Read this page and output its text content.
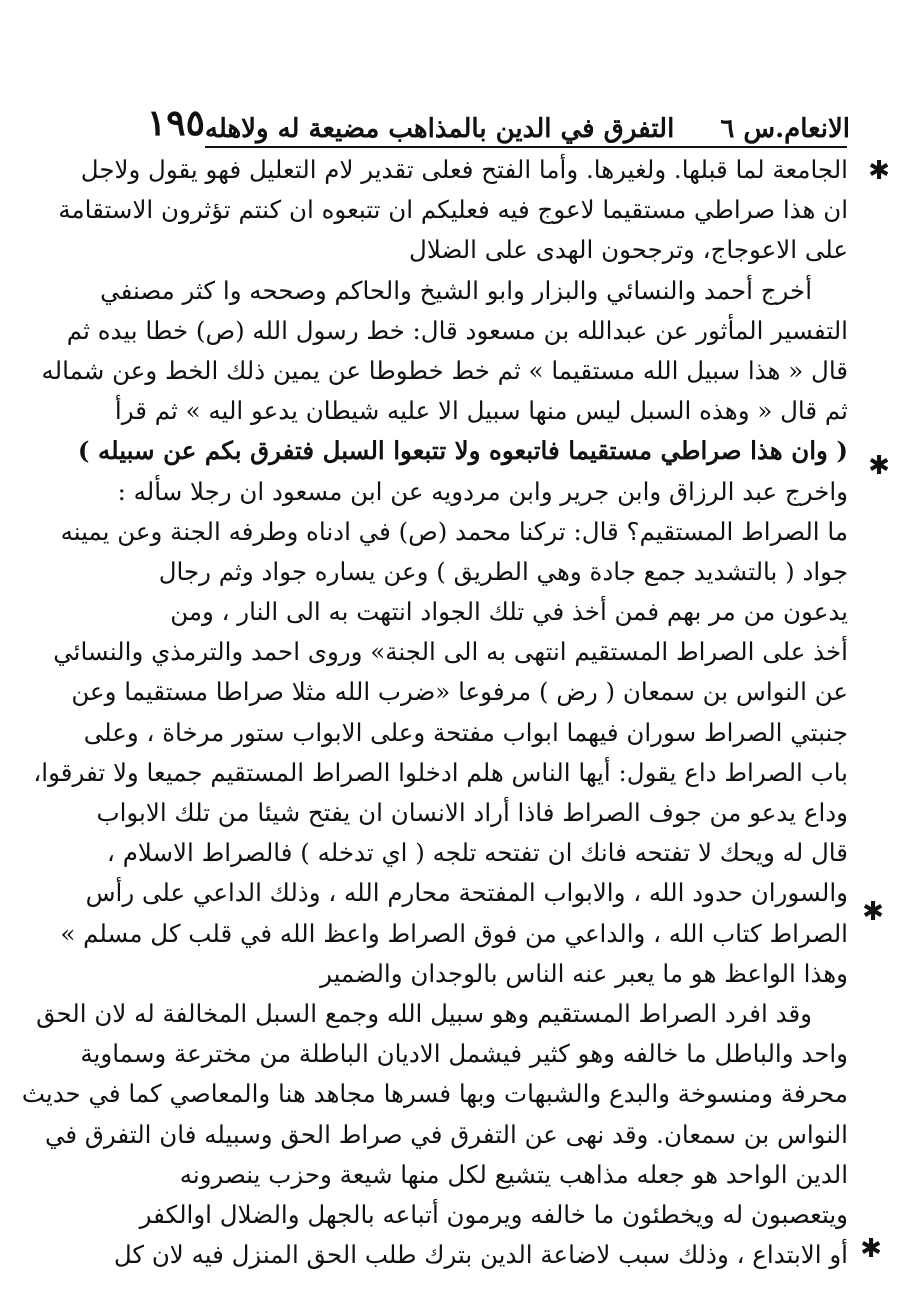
الانعام.س ٦
التفرق في الدين بالمذاهب مضيعة له ولاهله
١٩٥
✱
✱
✱
✱
الجامعة لما قبلها. ولغيرها. وأما الفتح فعلى تقدير لام التعليل فهو يقول ولاجل
ان هذا صراطي مستقيما لاعوج فيه فعليكم ان تتبعوه ان كنتم تؤثرون الاستقامة
على الاعوجاج، وترجحون الهدى على الضلال
أخرج أحمد والنسائي والبزار وابو الشيخ والحاكم وصححه وا كثر مصنفي
التفسير المأثور عن عبدالله بن مسعود قال: خط رسول الله (ص) خطا بيده ثم
قال « هذا سبيل الله مستقيما » ثم خط خطوطا عن يمين ذلك الخط وعن شماله
ثم قال « وهذه السبل ليس منها سبيل الا عليه شيطان يدعو اليه » ثم قرأ
( وان هذا صراطي مستقيما فاتبعوه ولا تتبعوا السبل فتفرق بكم عن سبيله )
واخرج عبد الرزاق وابن جرير وابن مردويه عن ابن مسعود ان رجلا سأله :
ما الصراط المستقيم؟ قال: تركنا محمد (ص) في ادناه وطرفه الجنة وعن يمينه
جواد ( بالتشديد جمع جادة وهي الطريق ) وعن يساره جواد وثم رجال
يدعون من مر بهم فمن أخذ في تلك الجواد انتهت به الى النار ، ومن
أخذ على الصراط المستقيم انتهى به الى الجنة» وروى احمد والترمذي والنسائي
عن النواس بن سمعان ( رض ) مرفوعا «ضرب الله مثلا صراطا مستقيما وعن
جنبتي الصراط سوران فيهما ابواب مفتحة وعلى الابواب ستور مرخاة ، وعلى
باب الصراط داع يقول: أيها الناس هلم ادخلوا الصراط المستقيم جميعا ولا تفرقوا،
وداع يدعو من جوف الصراط فاذا أراد الانسان ان يفتح شيئا من تلك الابواب
قال له ويحك لا تفتحه فانك ان تفتحه تلجه ( اي تدخله ) فالصراط الاسلام ،
والسوران حدود الله ، والابواب المفتحة محارم الله ، وذلك الداعي على رأس
الصراط كتاب الله ، والداعي من فوق الصراط واعظ الله في قلب كل مسلم »
وهذا الواعظ هو ما يعبر عنه الناس بالوجدان والضمير
وقد افرد الصراط المستقيم وهو سبيل الله وجمع السبل المخالفة له لان الحق
واحد والباطل ما خالفه وهو كثير فيشمل الاديان الباطلة من مخترعة وسماوية
محرفة ومنسوخة والبدع والشبهات وبها فسرها مجاهد هنا والمعاصي كما في حديث
النواس بن سمعان. وقد نهى عن التفرق في صراط الحق وسبيله فان التفرق في
الدين الواحد هو جعله مذاهب يتشيع لكل منها شيعة وحزب ينصرونه
ويتعصبون له ويخطئون ما خالفه ويرمون أتباعه بالجهل والضلال اوالكفر
أو الابتداع ، وذلك سبب لاضاعة الدين بترك طلب الحق المنزل فيه لان كل
